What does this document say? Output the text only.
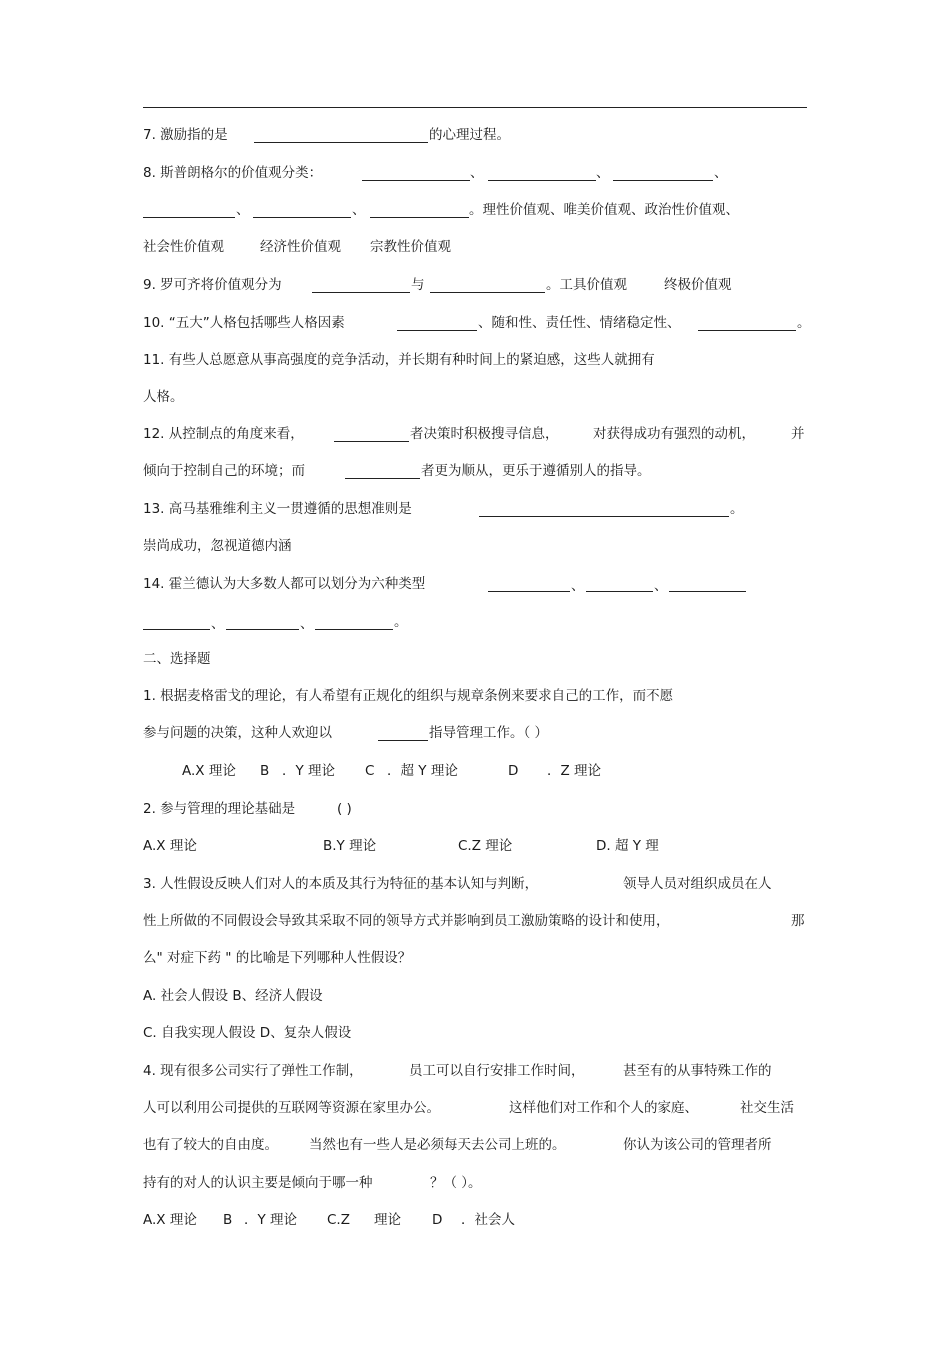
7. 激励指的是	的心理过程。
8. 斯普朗格尔的价值观分类：	、	、	、
、	、	。理性价值观、唯美价值观、政治性价值观、
社会性价值观	经济性价值观 宗教性价值观
9. 罗可齐将价值观分为	与	。工具价值观	终极价值观
10. “五大”人格包括哪些人格因素	、随和性、责任性、情绪稳定性、	。
11. 有些人总愿意从事高强度的竞争活动，并长期有种时间上的紧迫感，这些人就拥有
人格。
12. 从控制点的角度来看，	者决策时积极搜寻信息，	对获得成功有强烈的动机，	并
倾向于控制自己的环境；而	者更为顺从，更乐于遵循别人的指导。
13. 高马基雅维利主义一贯遵循的思想准则是	。
崇尚成功，忽视道德内涵
14. 霍兰德认为大多数人都可以划分为六种类型	、	、
、	、	。
二、选择题
1. 根据麦格雷戈的理论，有人希望有正规化的组织与规章条例来要求自己的工作，而不愿
参与问题的决策，这种人欢迎以	指导管理工作。（ ）
A.X 理论 B ．Y 理论 C ．超 Y 理论	D ．Z 理论
2. 参与管理的理论基础是	( )
A.X 理论	B.Y 理论	C.Z 理论	D. 超 Y 理
3. 人性假设反映人们对人的本质及其行为特征的基本认知与判断，	领导人员对组织成员在人
性上所做的不同假设会导致其采取不同的领导方式并影响到员工激励策略的设计和使用，	那
么" 对症下药 " 的比喻是下列哪种人性假设？
A. 社会人假设 B、经济人假设
C. 自我实现人假设 D、复杂人假设
4. 现有很多公司实行了弹性工作制，	员工可以自行安排工作时间，	甚至有的从事特殊工作的
人可以利用公司提供的互联网等资源在家里办公。	这样他们对工作和个人的家庭、	社交生活
也有了较大的自由度。 当然也有一些人是必须每天去公司上班的。	你认为该公司的管理者所
持有的对人的认识主要是倾向于哪一种	？（ ）。
A.X 理论 B ．Y 理论 C.Z 理论 D ．社会人
